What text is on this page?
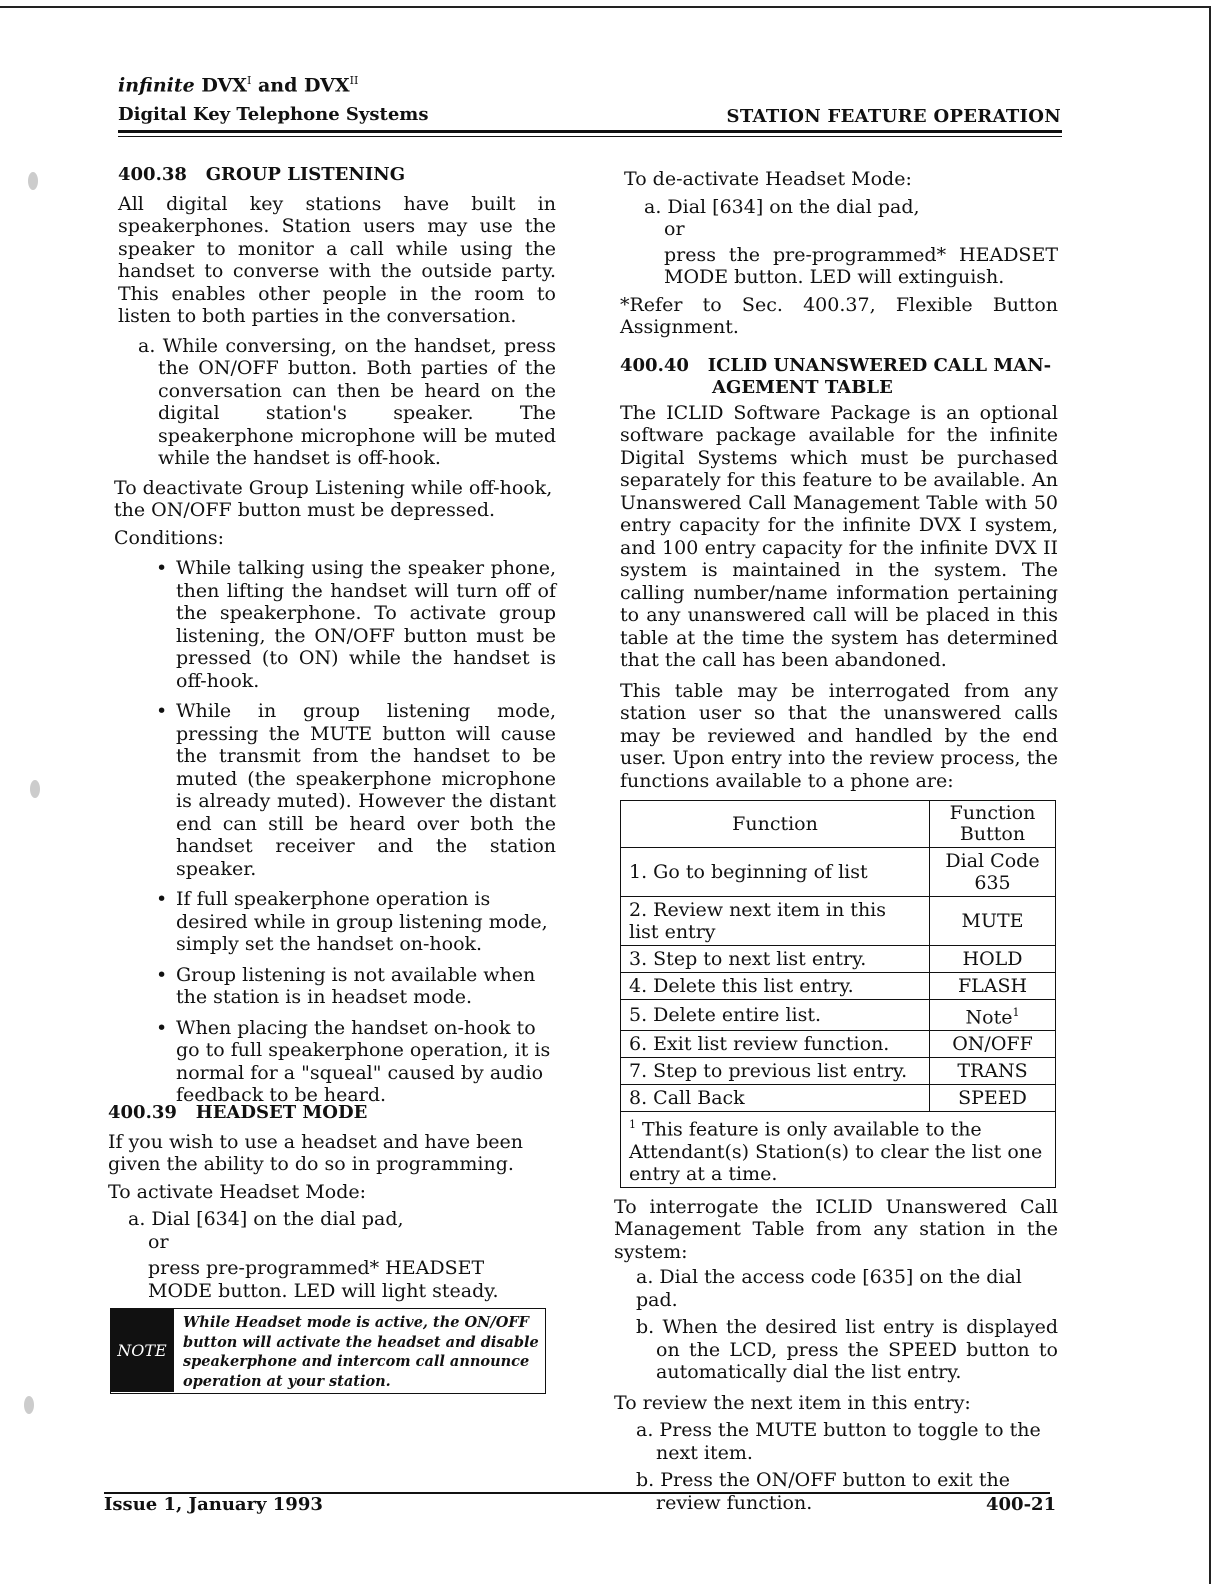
infinite $DVX^I$ and $DVX^{II}$
Digital Key Telephone Systems	STATION FEATURE OPERATION

400.38   GROUP LISTENING

All digital key stations have built in speakerphones. Station users may use the speaker to monitor a call while using the handset to converse with the outside party. This enables other people in the room to listen to both parties in the conversation.

a. While conversing, on the handset, press the ON/OFF button. Both parties of the conversation can then be heard on the digital station's speaker. The speakerphone microphone will be muted while the handset is off-hook.

To deactivate Group Listening while off-hook, the ON/OFF button must be depressed.

Conditions:

• While talking using the speaker phone, then lifting the handset will turn off of the speakerphone. To activate group listening, the ON/OFF button must be pressed (to ON) while the handset is off-hook.

• While in group listening mode, pressing the MUTE button will cause the transmit from the handset to be muted (the speakerphone microphone is already muted). However the distant end can still be heard over both the handset receiver and the station speaker.

• If full speakerphone operation is desired while in group listening mode, simply set the handset on-hook.

• Group listening is not available when the station is in headset mode.

• When placing the handset on-hook to go to full speakerphone operation, it is normal for a "squeal" caused by audio feedback to be heard.

400.39   HEADSET MODE

If you wish to use a headset and have been given the ability to do so in programming.

To activate Headset Mode:

a. Dial [634] on the dial pad,

or

press pre-programmed* HEADSET MODE button. LED will light steady.

NOTE
While Headset mode is active, the ON/OFF button will activate the headset and disable speakerphone and intercom call announce operation at your station.

To de-activate Headset Mode:

a. Dial [634] on the dial pad,

or

press the pre-programmed* HEADSET MODE button. LED will extinguish.

*Refer to Sec. 400.37, Flexible Button Assignment.

400.40   ICLID UNANSWERED CALL MAN-

AGEMENT TABLE

The ICLID Software Package is an optional software package available for the infinite Digital Systems which must be purchased separately for this feature to be available. An Unanswered Call Management Table with 50 entry capacity for the infinite DVX I system, and 100 entry capacity for the infinite DVX II system is maintained in the system. The calling number/name information pertaining to any unanswered call will be placed in this table at the time the system has determined that the call has been abandoned.

This table may be interrogated from any station user so that the unanswered calls may be reviewed and handled by the end user. Upon entry into the review process, the functions available to a phone are:

Function	Function Button
1. Go to beginning of list	Dial Code 635
2. Review next item in this list entry	MUTE
3. Step to next list entry.	HOLD
4. Delete this list entry.	FLASH
5. Delete entire list.	Note$^1$
6. Exit list review function.	ON/OFF
7. Step to previous list entry.	TRANS
8. Call Back	SPEED
$^1$ This feature is only available to the Attendant(s) Station(s) to clear the list one entry at a time.	

To interrogate the ICLID Unanswered Call Management Table from any station in the system:

a. Dial the access code [635] on the dial pad.

b. When the desired list entry is displayed on the LCD, press the SPEED button to automatically dial the list entry.

To review the next item in this entry:

a. Press the MUTE button to toggle to the next item.

b. Press the ON/OFF button to exit the review function.

Issue 1, January 1993	400-21
